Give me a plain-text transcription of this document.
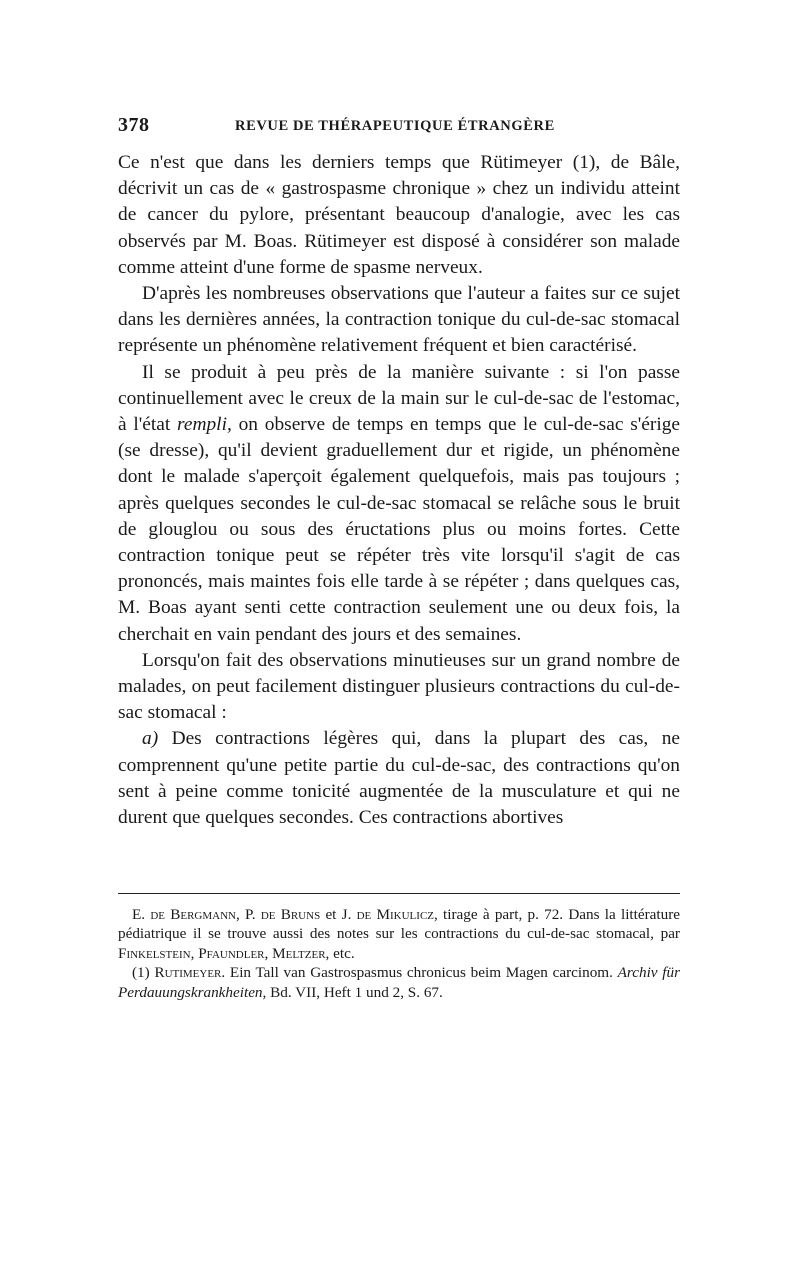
378	REVUE DE THÉRAPEUTIQUE ÉTRANGÈRE

Ce n'est que dans les derniers temps que Rütimeyer (1), de Bâle, décrivit un cas de « gastrospasme chronique » chez un individu atteint de cancer du pylore, présentant beaucoup d'analogie, avec les cas observés par M. Boas. Rütimeyer est disposé à considérer son malade comme atteint d'une forme de spasme nerveux.

D'après les nombreuses observations que l'auteur a faites sur ce sujet dans les dernières années, la contraction tonique du cul-de-sac stomacal représente un phénomène relativement fréquent et bien caractérisé.

Il se produit à peu près de la manière suivante : si l'on passe continuellement avec le creux de la main sur le cul-de-sac de l'estomac, à l'état rempli, on observe de temps en temps que le cul-de-sac s'érige (se dresse), qu'il devient graduellement dur et rigide, un phénomène dont le malade s'aperçoit également quelquefois, mais pas toujours ; après quelques secondes le cul-de-sac stomacal se relâche sous le bruit de glouglou ou sous des éructations plus ou moins fortes. Cette contraction tonique peut se répéter très vite lorsqu'il s'agit de cas prononcés, mais maintes fois elle tarde à se répéter ; dans quelques cas, M. Boas ayant senti cette contraction seulement une ou deux fois, la cherchait en vain pendant des jours et des semaines.

Lorsqu'on fait des observations minutieuses sur un grand nombre de malades, on peut facilement distinguer plusieurs contractions du cul-de-sac stomacal :

a) Des contractions légères qui, dans la plupart des cas, ne comprennent qu'une petite partie du cul-de-sac, des contractions qu'on sent à peine comme tonicité augmentée de la musculature et qui ne durent que quelques secondes. Ces contractions abortives

E. de Bergmann, P. de Bruns et J. de Mikulicz, tirage à part, p. 72. Dans la littérature pédiatrique il se trouve aussi des notes sur les contractions du cul-de-sac stomacal, par Finkelstein, Pfaundler, Meltzer, etc.

(1) Rutimeyer. Ein Tall van Gastrospasmus chronicus beim Magen carcinom. Archiv für Perdauungskrankheiten, Bd. VII, Heft 1 und 2, S. 67.
